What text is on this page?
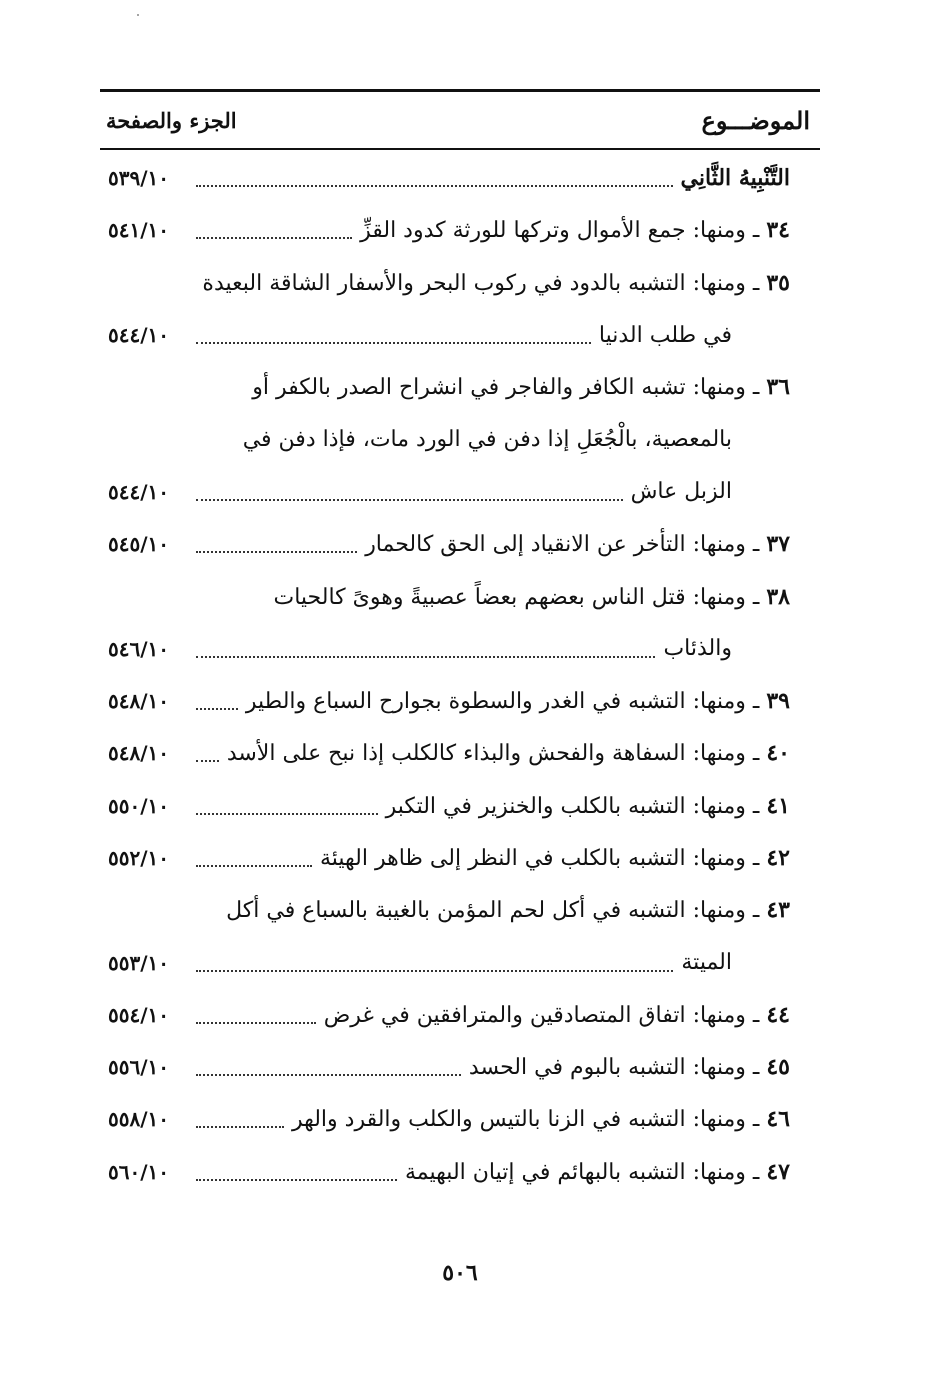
الموضـــوع
الجزء والصفحة
التَّنْبِيهُ الثَّانِي
٥٣٩/١٠
٣٤ ـ ومنها: جمع الأموال وتركها للورثة كدود القزِّ
٥٤١/١٠
٣٥ ـ ومنها: التشبه بالدود في ركوب البحر والأسفار الشاقة البعيدة
في طلب الدنيا
٥٤٤/١٠
٣٦ ـ ومنها: تشبه الكافر والفاجر في انشراح الصدر بالكفر أو
بالمعصية، بالْجُعَلِ إذا دفن في الورد مات، فإذا دفن في
الزبل عاش
٥٤٤/١٠
٣٧ ـ ومنها: التأخر عن الانقياد إلى الحق كالحمار
٥٤٥/١٠
٣٨ ـ ومنها: قتل الناس بعضهم بعضاً عصبيةً وهوىً كالحيات
والذئاب
٥٤٦/١٠
٣٩ ـ ومنها: التشبه في الغدر والسطوة بجوارح السباع والطير
٥٤٨/١٠
٤٠ ـ ومنها: السفاهة والفحش والبذاء كالكلب إذا نبح على الأسد
٥٤٨/١٠
٤١ ـ ومنها: التشبه بالكلب والخنزير في التكبر
٥٥٠/١٠
٤٢ ـ ومنها: التشبه بالكلب في النظر إلى ظاهر الهيئة
٥٥٢/١٠
٤٣ ـ ومنها: التشبه في أكل لحم المؤمن بالغيبة بالسباع في أكل
الميتة
٥٥٣/١٠
٤٤ ـ ومنها: اتفاق المتصادقين والمترافقين في غرض
٥٥٤/١٠
٤٥ ـ ومنها: التشبه بالبوم في الحسد
٥٥٦/١٠
٤٦ ـ ومنها: التشبه في الزنا بالتيس والكلب والقرد والهر
٥٥٨/١٠
٤٧ ـ ومنها: التشبه بالبهائم في إتيان البهيمة
٥٦٠/١٠
٥٠٦
